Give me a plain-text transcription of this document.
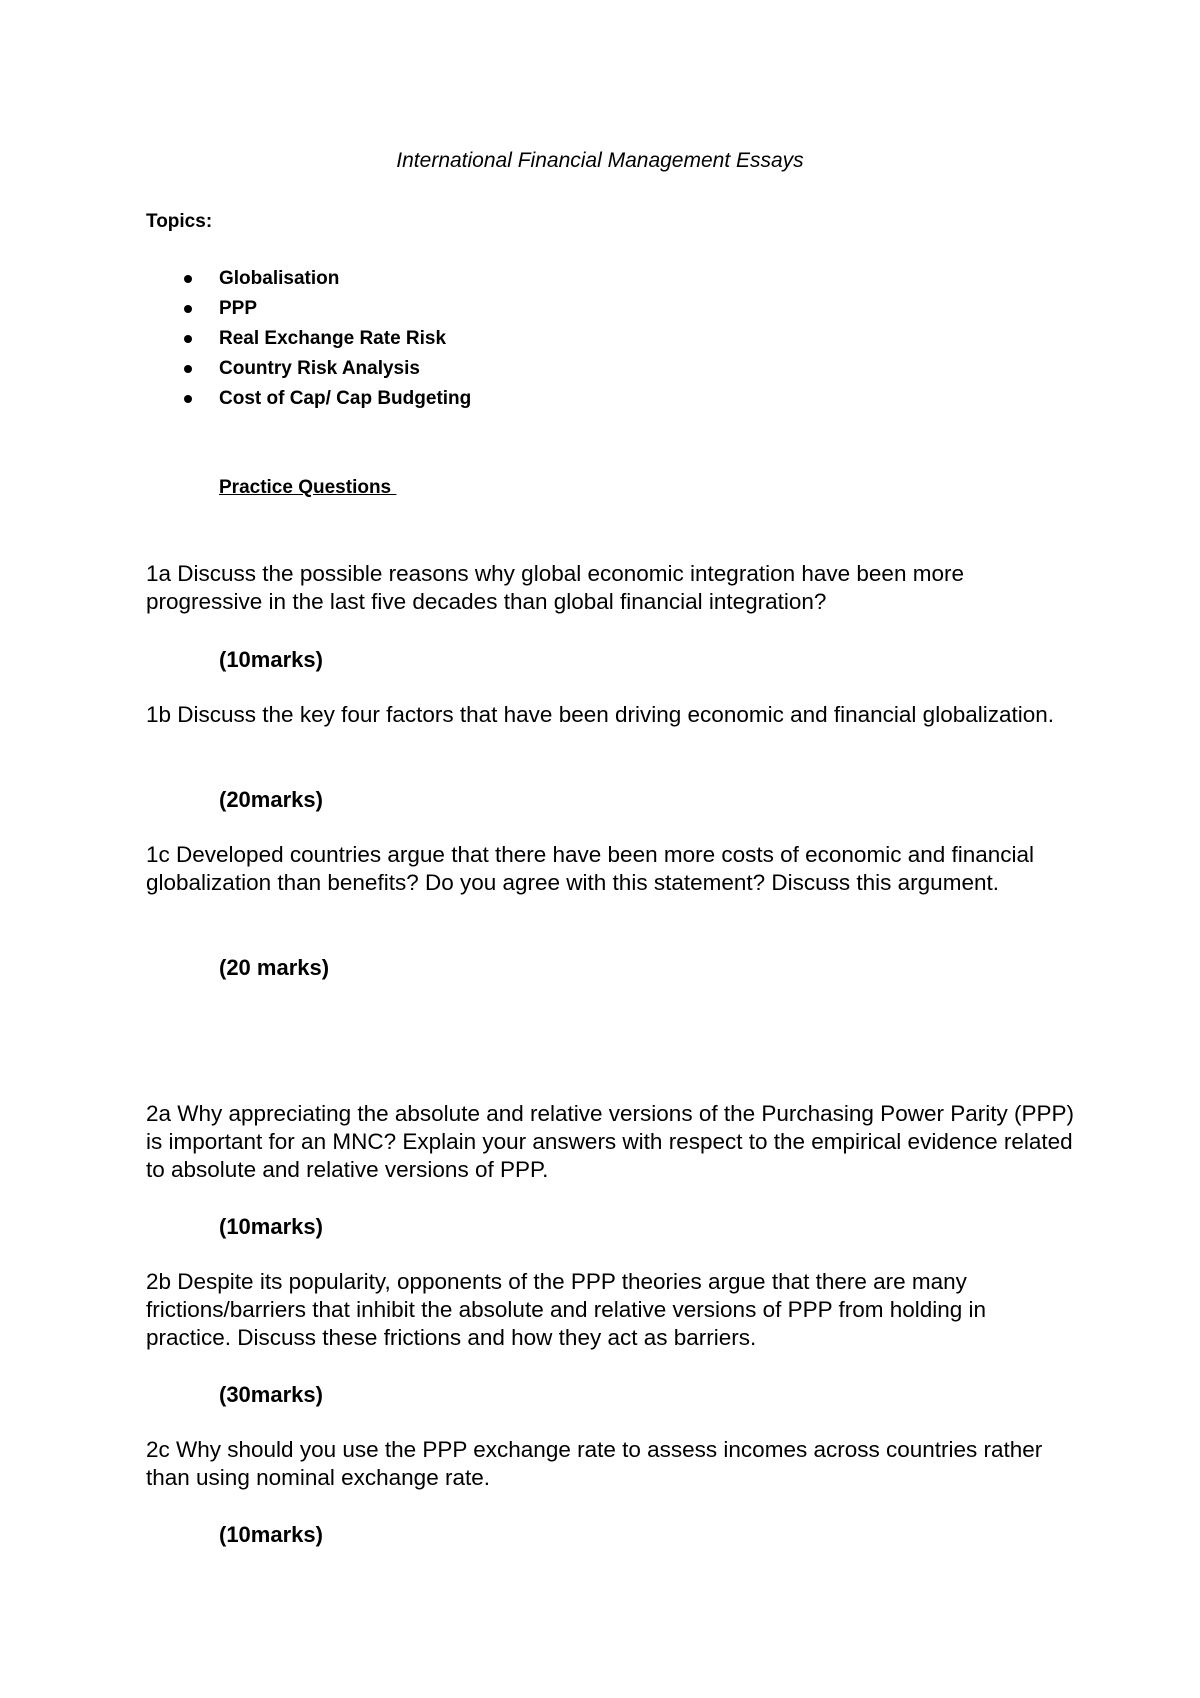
International Financial Management Essays
Topics:
Globalisation
PPP
Real Exchange Rate Risk
Country Risk Analysis
Cost of Cap/ Cap Budgeting
Practice Questions
1a Discuss the possible reasons why global economic integration have been more progressive in the last five decades than global financial integration?
(10marks)
1b Discuss the key four factors that have been driving economic and financial globalization.
(20marks)
1c Developed countries argue that there have been more costs of economic and financial globalization than benefits? Do you agree with this statement? Discuss this argument.
(20 marks)
2a Why appreciating the absolute and relative versions of the Purchasing Power Parity (PPP) is important for an MNC? Explain your answers with respect to the empirical evidence related to absolute and relative versions of PPP.
(10marks)
2b Despite its popularity, opponents of the PPP theories argue that there are many frictions/barriers that inhibit the absolute and relative versions of PPP from holding in practice. Discuss these frictions and how they act as barriers.
(30marks)
2c Why should you use the PPP exchange rate to assess incomes across countries rather than using nominal exchange rate.
(10marks)
